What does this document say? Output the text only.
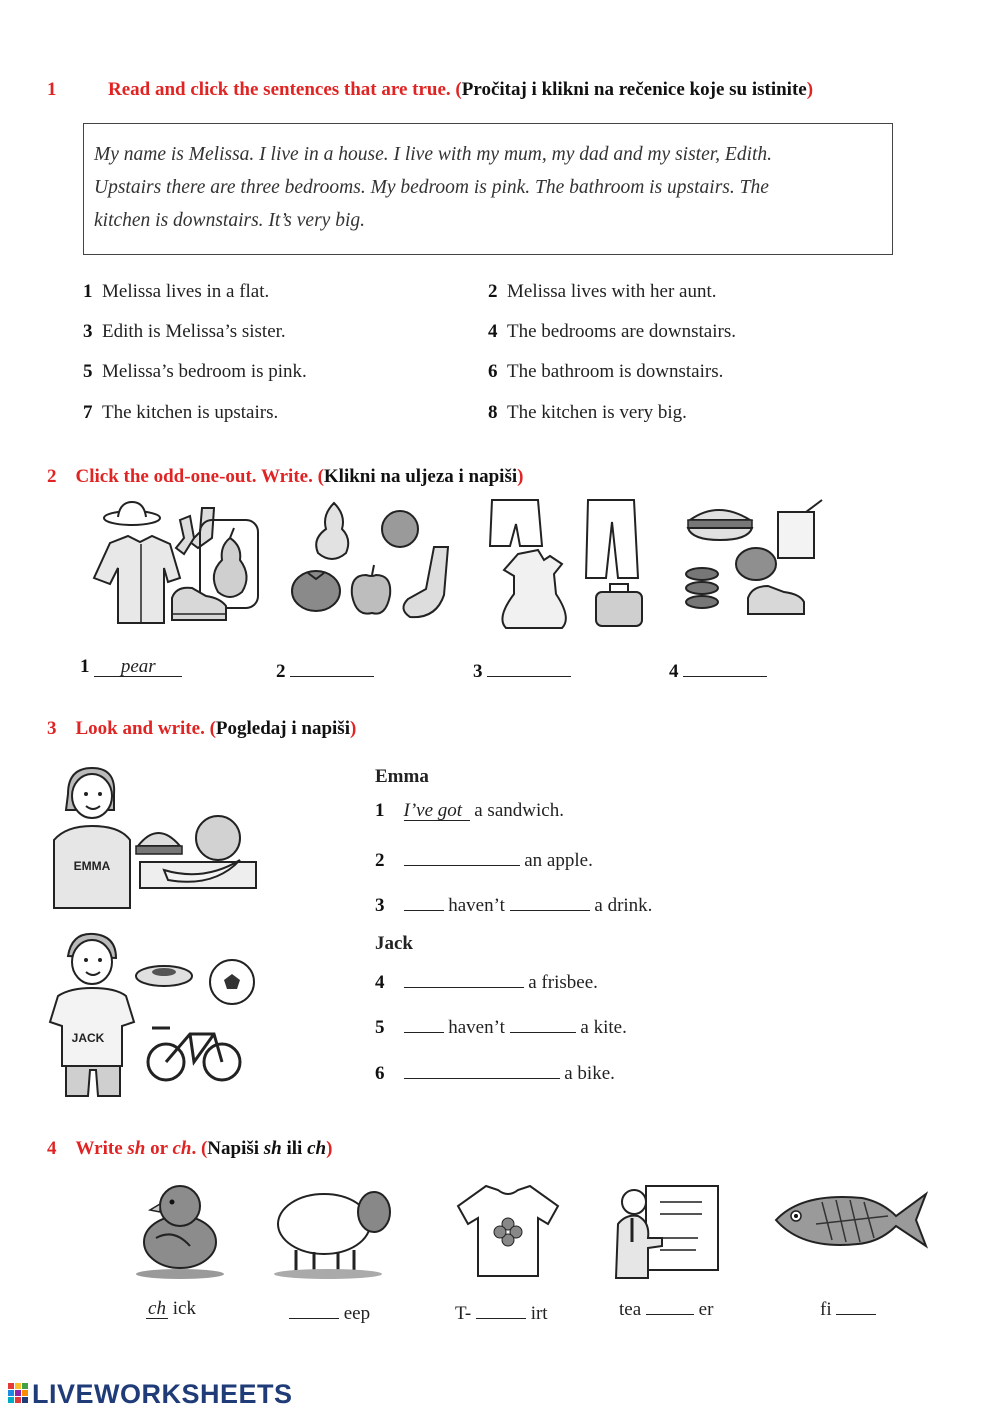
1	Read and click the sentences that are true. (Pročitaj i klikni na rečenice koje su istinite)
My name is Melissa. I live in a house. I live with my mum, my dad and my sister, Edith.
Upstairs there are three bedrooms. My bedroom is pink. The bathroom is upstairs. The
kitchen is downstairs. It’s very big.
1 Melissa lives in a flat.	2 Melissa lives with her aunt.
3 Edith is Melissa’s sister.	4 The bedrooms are downstairs.
5 Melissa’s bedroom is pink.	6 The bathroom is downstairs.
7 The kitchen is upstairs.	8 The kitchen is very big.
2 Click the odd-one-out. Write. (Klikni na uljeza i napiši)
1 pear	2	3	4
3 Look and write. (Pogledaj i napiši)
EMMA
Emma
1 I’ve got a sandwich.
2	an apple.
3	haven’t	a drink.
JACK
Jack
4	a frisbee.
5	haven’t	a kite.
6	a bike.
4 Write sh or ch. (Napiši sh ili ch)
ch ick	eep	T-	irt	tea	er	fi
LIVEWORKSHEETS
